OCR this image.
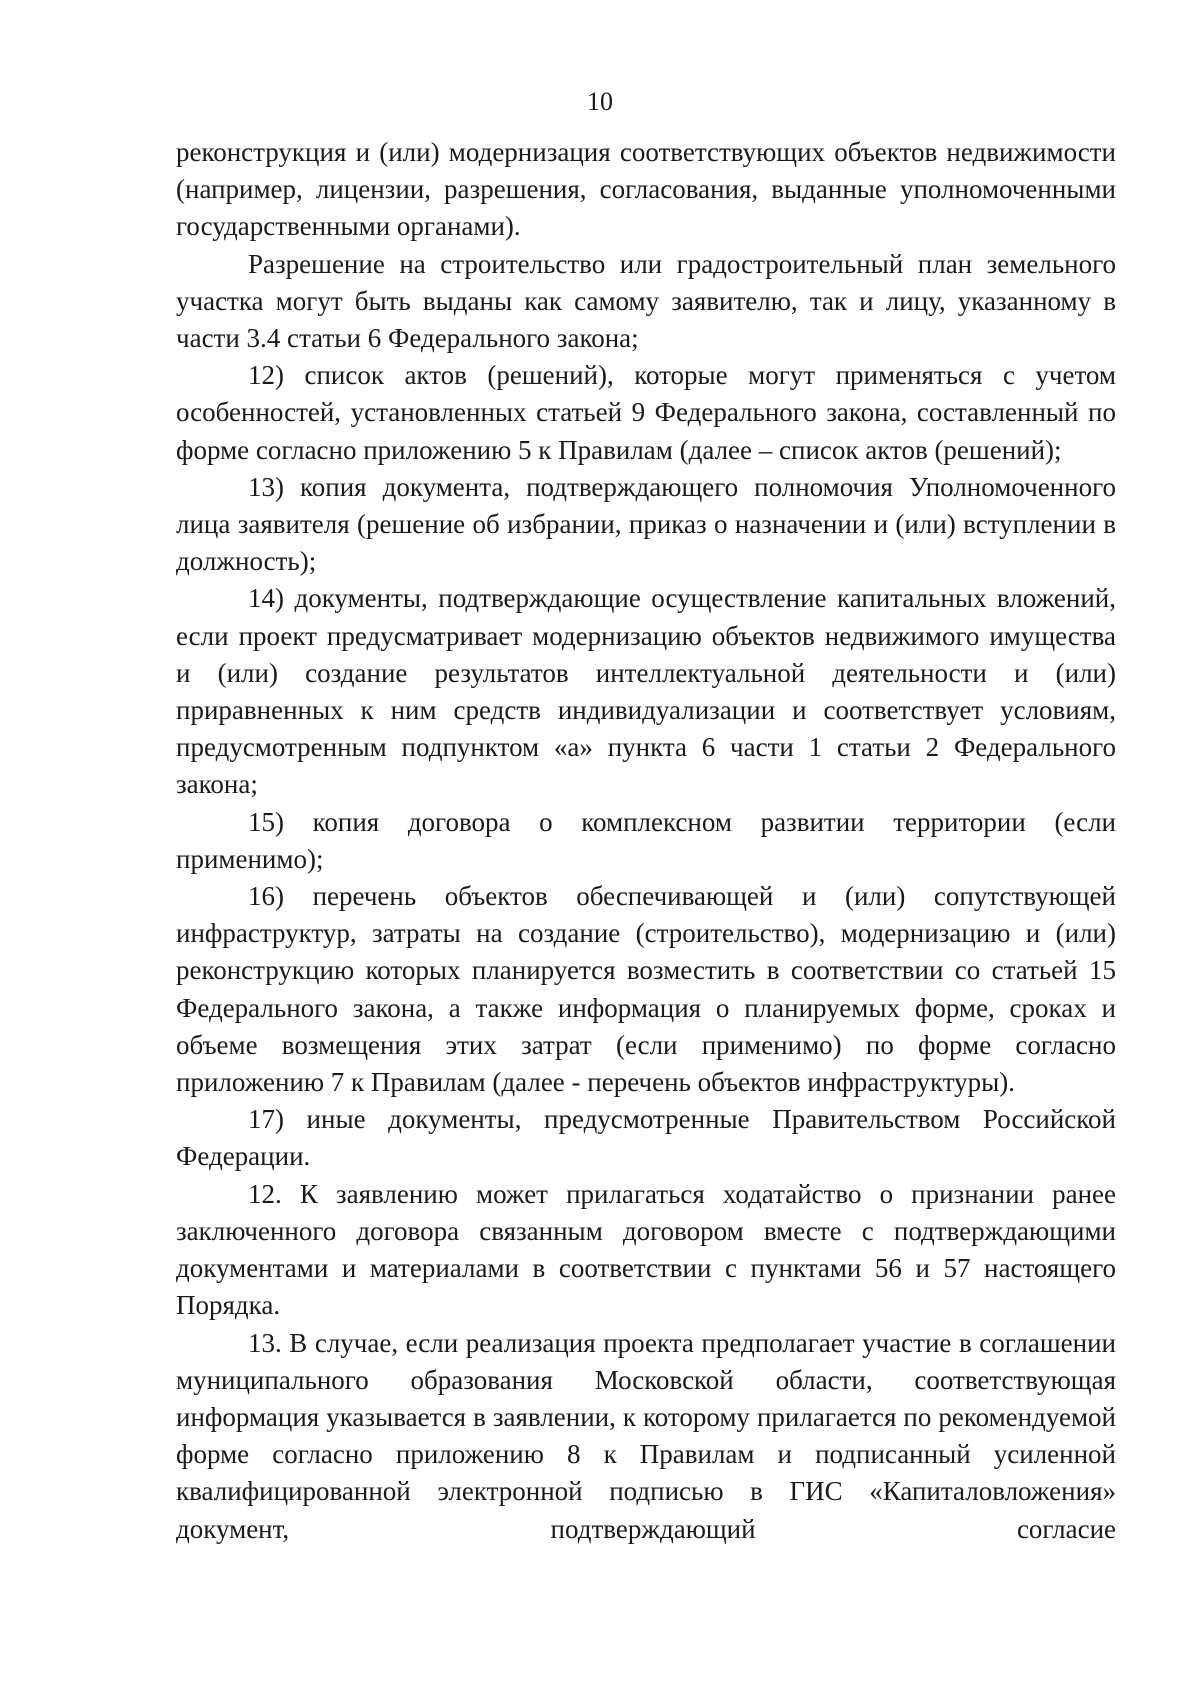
10

реконструкция и (или) модернизация соответствующих объектов недвижимости (например, лицензии, разрешения, согласования, выданные уполномоченными государственными органами).

Разрешение на строительство или градостроительный план земельного участка могут быть выданы как самому заявителю, так и лицу, указанному в части 3.4 статьи 6 Федерального закона;

12) список актов (решений), которые могут применяться с учетом особенностей, установленных статьей 9 Федерального закона, составленный по форме согласно приложению 5 к Правилам (далее – список актов (решений);

13) копия документа, подтверждающего полномочия Уполномоченного лица заявителя (решение об избрании, приказ о назначении и (или) вступлении в должность);

14) документы, подтверждающие осуществление капитальных вложений, если проект предусматривает модернизацию объектов недвижимого имущества и (или) создание результатов интеллектуальной деятельности и (или) приравненных к ним средств индивидуализации и соответствует условиям, предусмотренным подпунктом «а» пункта 6 части 1 статьи 2 Федерального закона;

15) копия договора о комплексном развитии территории (если применимо);

16) перечень объектов обеспечивающей и (или) сопутствующей инфраструктур, затраты на создание (строительство), модернизацию и (или) реконструкцию которых планируется возместить в соответствии со статьей 15 Федерального закона, а также информация о планируемых форме, сроках и объеме возмещения этих затрат (если применимо) по форме согласно приложению 7 к Правилам (далее - перечень объектов инфраструктуры).

17) иные документы, предусмотренные Правительством Российской Федерации.

12. К заявлению может прилагаться ходатайство о признании ранее заключенного договора связанным договором вместе с подтверждающими документами и материалами в соответствии с пунктами 56 и 57 настоящего Порядка.

13. В случае, если реализация проекта предполагает участие в соглашении муниципального образования Московской области, соответствующая информация указывается в заявлении, к которому прилагается по рекомендуемой форме согласно приложению 8 к Правилам и подписанный усиленной квалифицированной электронной подписью в ГИС «Капиталовложения» документ, подтверждающий согласие
